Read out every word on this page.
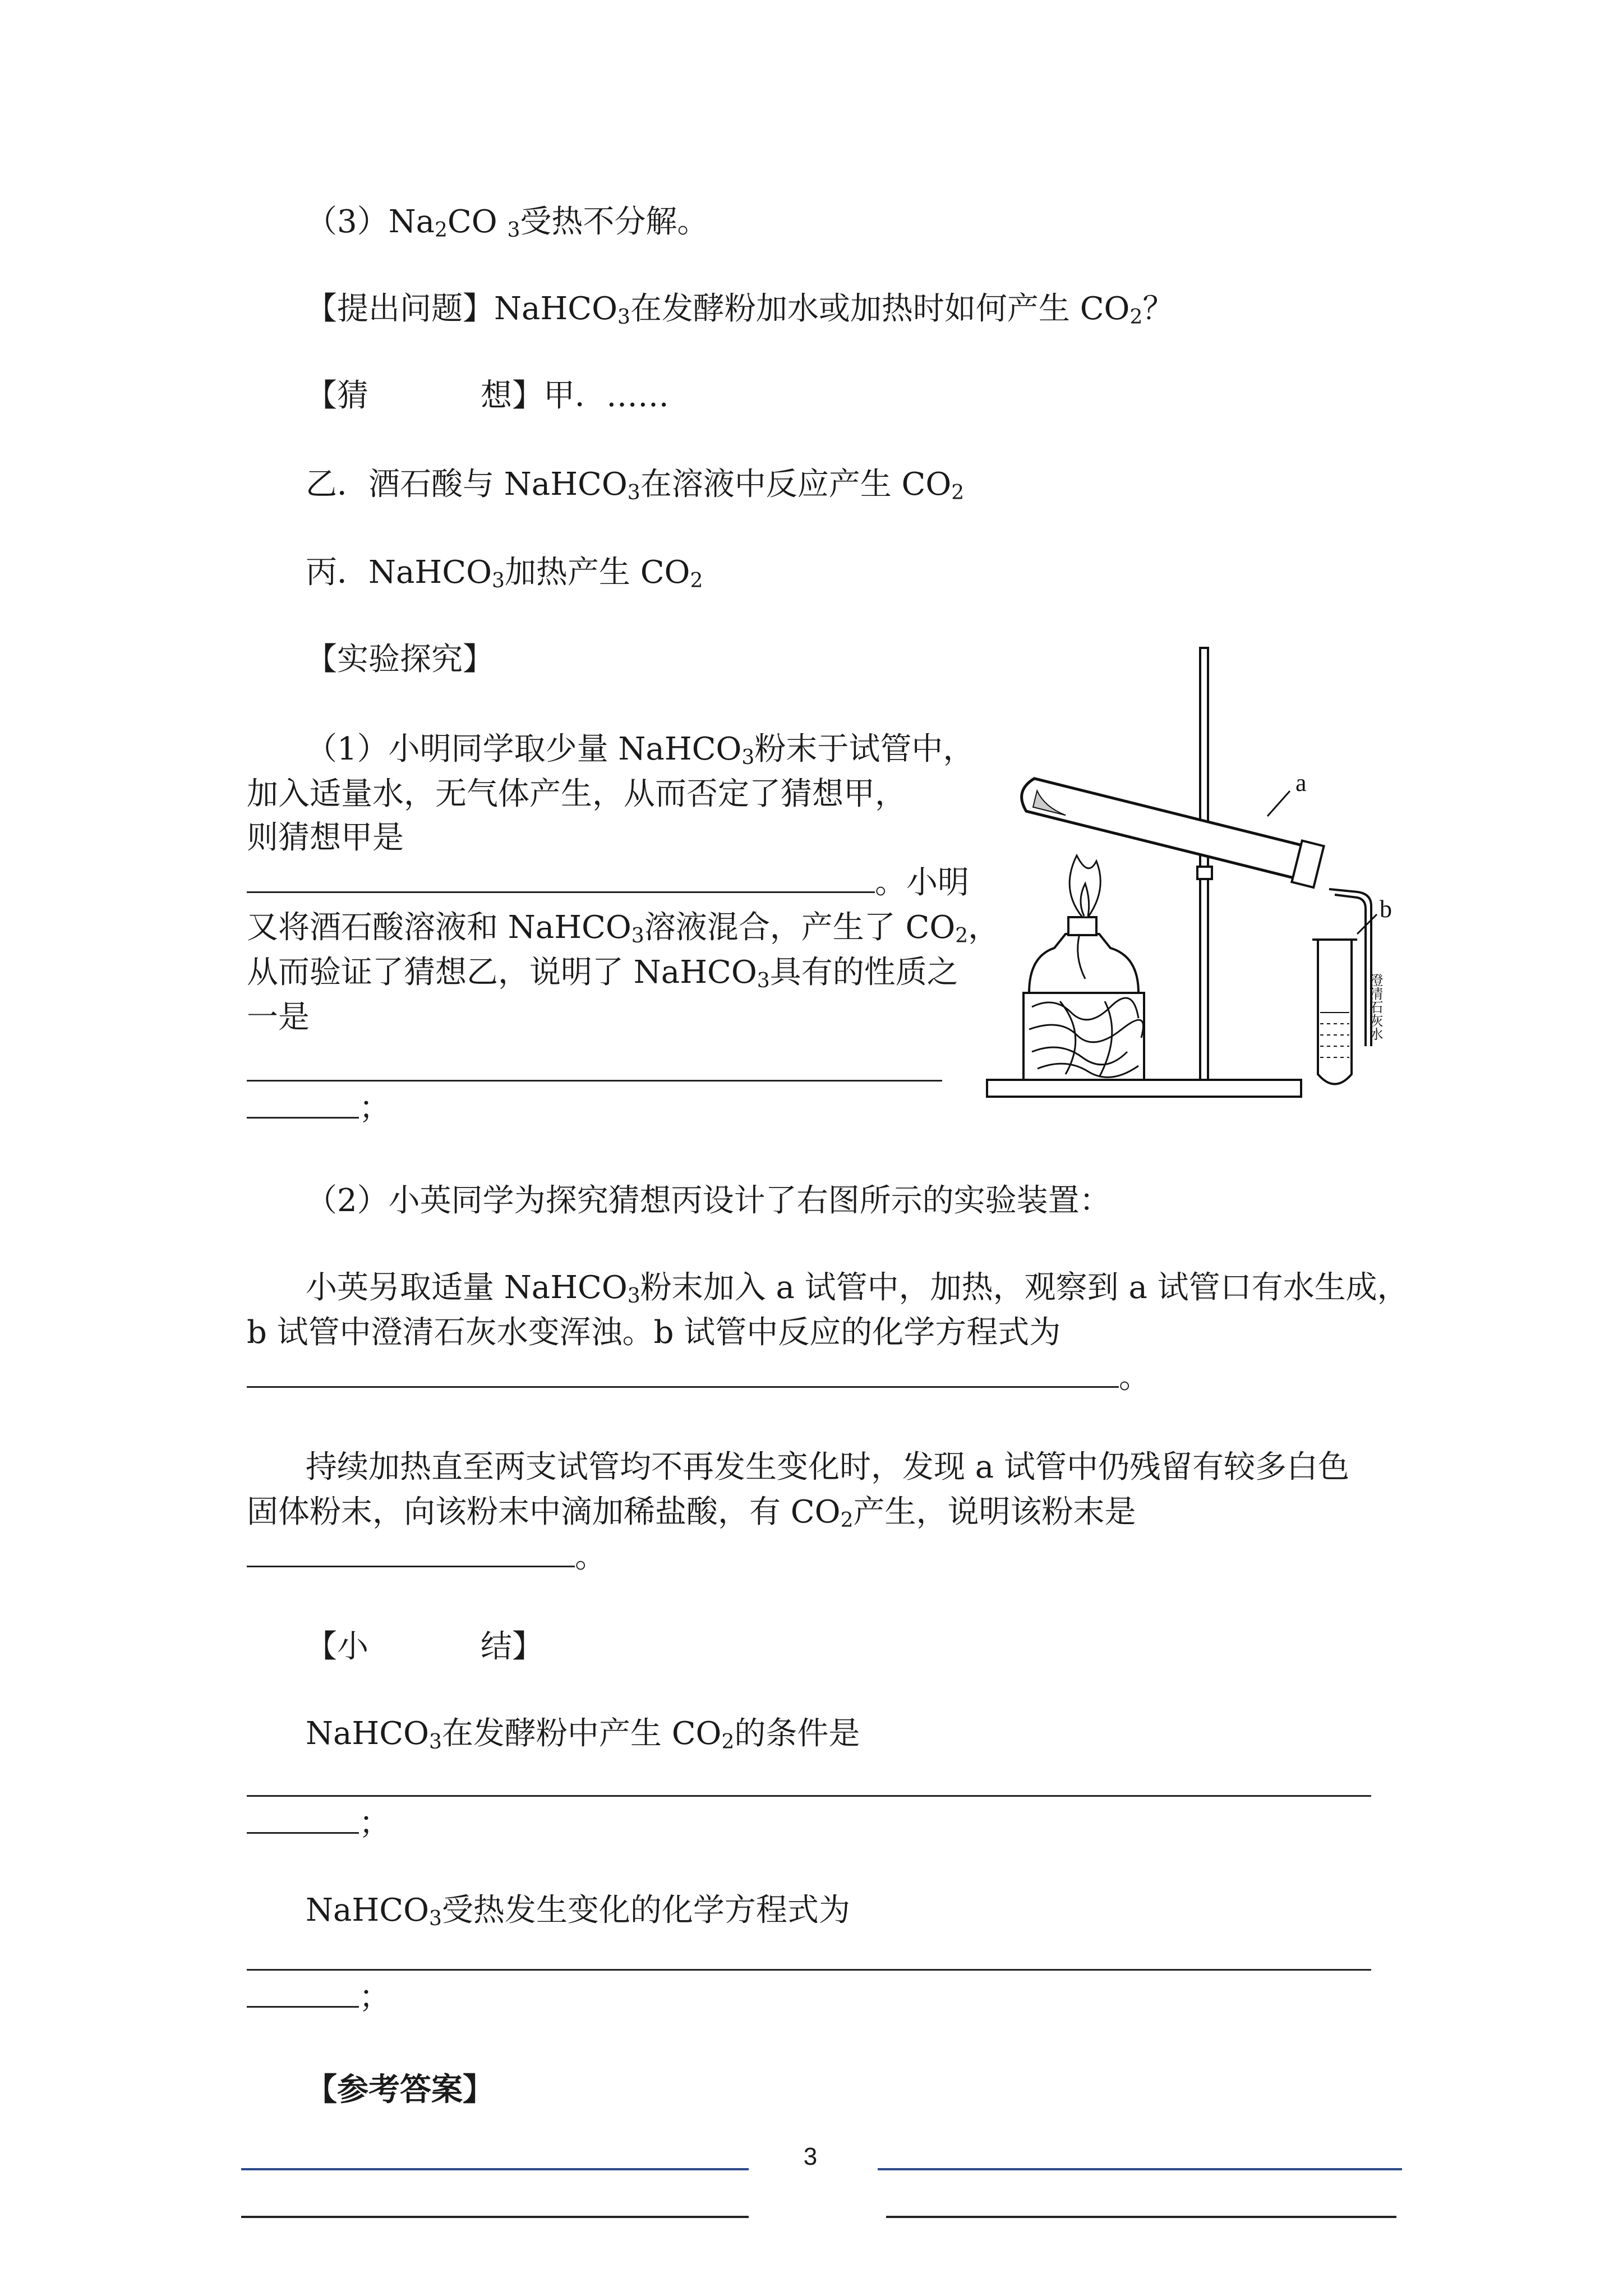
$(3)Na_2CO$ $_3$受热不分解。
【提出问题】NaHCO$_3$在发酵粉加水或加热时如何产生 $CO_2$？
【猜	想】甲．……
乙．酒石酸与 NaHCO$_3$在溶液中反应产生 $CO_2$
丙．NaHCO$_3$加热产生 $CO_2$
【实验探究】
（1）小明同学取少量 NaHCO$_3$粉末于试管中，
加入适量水，无气体产生，从而否定了猜想甲，
则猜想甲是
。小明
又将酒石酸溶液和 NaHCO$_3$溶液混合，产生了 $CO_2$，
从而验证了猜想乙，说明了 NaHCO$_3$具有的性质之
一是
；
（2）小英同学为探究猜想丙设计了右图所示的实验装置：
小英另取适量 NaHCO$_3$粉末加入 a 试管中，加热，观察到 a 试管口有水生成，
b 试管中澄清石灰水变浑浊。b 试管中反应的化学方程式为
。
持续加热直至两支试管均不再发生变化时，发现 a 试管中仍残留有较多白色
固体粉末，向该粉末中滴加稀盐酸，有 $CO_2$产生，说明该粉末是
。
【小	结】
NaHCO$_3$在发酵粉中产生 $CO_2$的条件是
；
NaHCO$_3$受热发生变化的化学方程式为
；
【参考答案】
a
b
澄清石灰水
3
